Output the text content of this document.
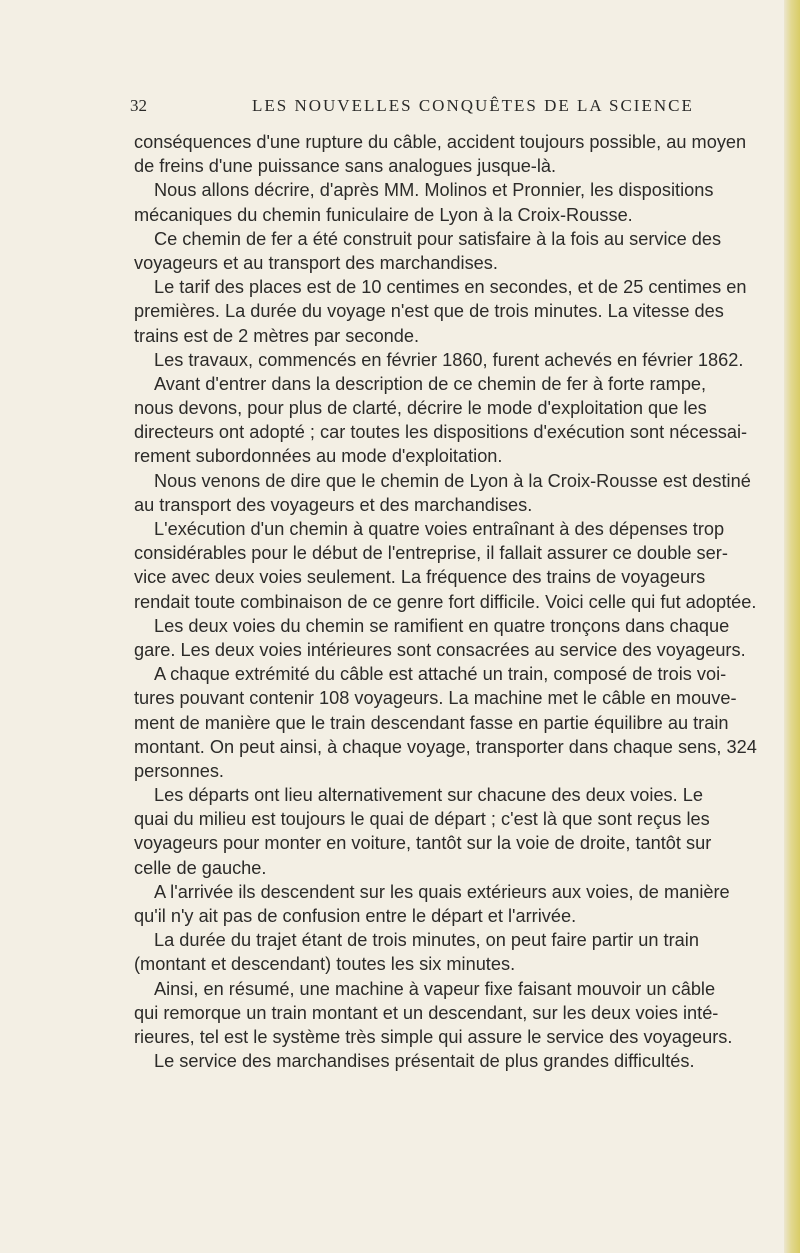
32	LES NOUVELLES CONQUÊTES DE LA SCIENCE
conséquences d'une rupture du câble, accident toujours possible, au moyen
de freins d'une puissance sans analogues jusque-là.
Nous allons décrire, d'après MM. Molinos et Pronnier, les dispositions
mécaniques du chemin funiculaire de Lyon à la Croix-Rousse.
Ce chemin de fer a été construit pour satisfaire à la fois au service des
voyageurs et au transport des marchandises.
Le tarif des places est de 10 centimes en secondes, et de 25 centimes en
premières. La durée du voyage n'est que de trois minutes. La vitesse des
trains est de 2 mètres par seconde.
Les travaux, commencés en février 1860, furent achevés en février 1862.
Avant d'entrer dans la description de ce chemin de fer à forte rampe,
nous devons, pour plus de clarté, décrire le mode d'exploitation que les
directeurs ont adopté ; car toutes les dispositions d'exécution sont nécessai-
rement subordonnées au mode d'exploitation.
Nous venons de dire que le chemin de Lyon à la Croix-Rousse est destiné
au transport des voyageurs et des marchandises.
L'exécution d'un chemin à quatre voies entraînant à des dépenses trop
considérables pour le début de l'entreprise, il fallait assurer ce double ser-
vice avec deux voies seulement. La fréquence des trains de voyageurs
rendait toute combinaison de ce genre fort difficile. Voici celle qui fut adoptée.
Les deux voies du chemin se ramifient en quatre tronçons dans chaque
gare. Les deux voies intérieures sont consacrées au service des voyageurs.
A chaque extrémité du câble est attaché un train, composé de trois voi-
tures pouvant contenir 108 voyageurs. La machine met le câble en mouve-
ment de manière que le train descendant fasse en partie équilibre au train
montant. On peut ainsi, à chaque voyage, transporter dans chaque sens, 324
personnes.
Les départs ont lieu alternativement sur chacune des deux voies. Le
quai du milieu est toujours le quai de départ ; c'est là que sont reçus les
voyageurs pour monter en voiture, tantôt sur la voie de droite, tantôt sur
celle de gauche.
A l'arrivée ils descendent sur les quais extérieurs aux voies, de manière
qu'il n'y ait pas de confusion entre le départ et l'arrivée.
La durée du trajet étant de trois minutes, on peut faire partir un train
(montant et descendant) toutes les six minutes.
Ainsi, en résumé, une machine à vapeur fixe faisant mouvoir un câble
qui remorque un train montant et un descendant, sur les deux voies inté-
rieures, tel est le système très simple qui assure le service des voyageurs.
Le service des marchandises présentait de plus grandes difficultés.
